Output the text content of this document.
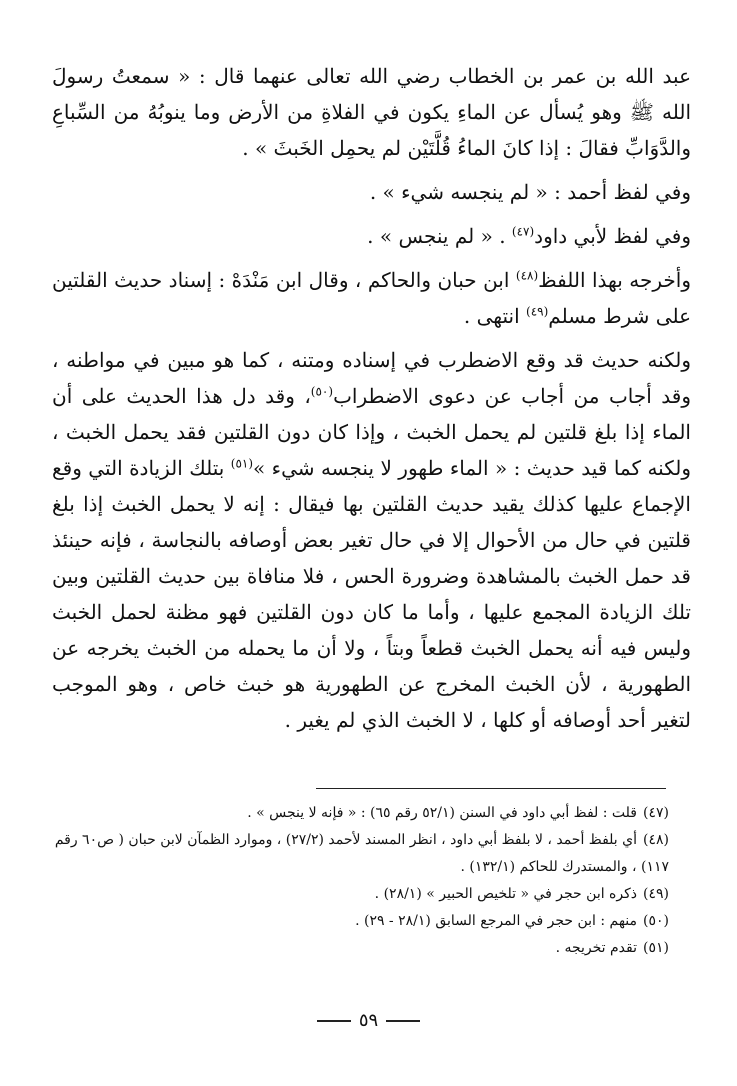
عبد الله بن عمر بن الخطاب رضي الله تعالى عنهما قال : « سمعتُ رسولَ الله ﷺ وهو يُسأل عن الماءِ يكون في الفلاةِ من الأرض وما ينوبُهُ من السِّباعِ والدَّوَابِّ فقالَ : إذا كانَ الماءُ قُلَّتَيْن لم يحمِل الخَبثَ » .

وفي لفظ أحمد : « لم ينجسه شيء » .

وفي لفظ لأبي داود$^{(٤٧)}$ . « لم ينجس » .

وأخرجه بهذا اللفظ$^{(٤٨)}$ ابن حبان والحاكم ، وقال ابن مَنْدَهْ : إسناد حديث القلتين على شرط مسلم$^{(٤٩)}$ انتهى .

ولكنه حديث قد وقع الاضطرب في إسناده ومتنه ، كما هو مبين في مواطنه ، وقد أجاب من أجاب عن دعوى الاضطراب$^{(٥٠)}$، وقد دل هذا الحديث على أن الماء إذا بلغ قلتين لم يحمل الخبث ، وإذا كان دون القلتين فقد يحمل الخبث ، ولكنه كما قيد حديث : « الماء طهور لا ينجسه شيء »$^{(٥١)}$ بتلك الزيادة التي وقع الإجماع عليها كذلك يقيد حديث القلتين بها فيقال : إنه لا يحمل الخبث إذا بلغ قلتين في حال من الأحوال إلا في حال تغير بعض أوصافه بالنجاسة ، فإنه حينئذ قد حمل الخبث بالمشاهدة وضرورة الحس ، فلا منافاة بين حديث القلتين وبين تلك الزيادة المجمع عليها ، وأما ما كان دون القلتين فهو مظنة لحمل الخبث وليس فيه أنه يحمل الخبث قطعاً وبتاً ، ولا أن ما يحمله من الخبث يخرجه عن الطهورية ، لأن الخبث المخرج عن الطهورية هو خبث خاص ، وهو الموجب لتغير أحد أوصافه أو كلها ، لا الخبث الذي لم يغير .

(٤٧)قلت : لفظ أبي داود في السنن (٥٢/١ رقم ٦٥) : « فإنه لا ينجس » .

(٤٨)أي بلفظ أحمد ، لا بلفظ أبي داود ، انظر المسند لأحمد (٢٧/٢) ، وموارد الظمآن لابن حبان ( ص٦٠ رقم ١١٧) ، والمستدرك للحاكم (١٣٢/١) .

(٤٩)ذكره ابن حجر في « تلخيص الحبير » (٢٨/١) .

(٥٠)منهم : ابن حجر في المرجع السابق (٢٨/١ - ٢٩) .

(٥١)تقدم تخريجه .

٥٩
